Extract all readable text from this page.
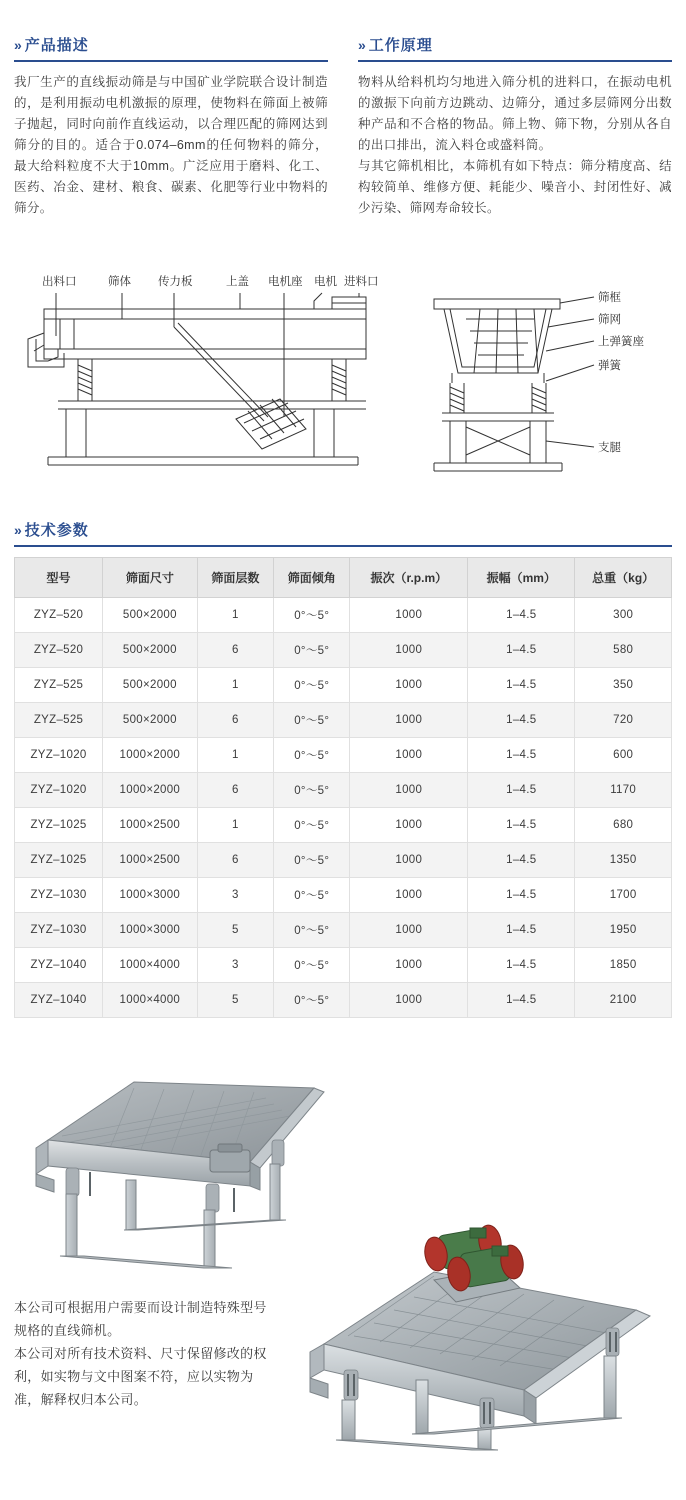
» 产品描述

我厂生产的直线振动筛是与中国矿业学院联合设计制造的，是利用振动电机激振的原理，使物料在筛面上被筛子抛起，同时向前作直线运动，以合理匹配的筛网达到筛分的目的。适合于0.074–6mm的任何物料的筛分，最大给料粒度不大于10mm。广泛应用于磨料、化工、医药、冶金、建材、粮食、碳素、化肥等行业中物料的筛分。

» 工作原理

物料从给料机均匀地进入筛分机的进料口，在振动电机的激振下向前方边跳动、边筛分，通过多层筛网分出数种产品和不合格的物品。筛上物、筛下物，分别从各自的出口排出，流入料仓或盛料筒。

与其它筛机相比，本筛机有如下特点：筛分精度高、结构较简单、维修方便、耗能少、噪音小、封闭性好、减少污染、筛网寿命较长。

出料口	筛体 传力板	上盖 电机座 电机 进料口
筛框
筛网
上弹簧座
弹簧
支腿
» 技术参数
型号	筛面尺寸	筛面层数	筛面倾角	振次（r.p.m）	振幅（mm）	总重（kg）
ZYZ–520	500×2000	1	0°～5°	1000	1–4.5	300
ZYZ–520	500×2000	6	0°～5°	1000	1–4.5	580
ZYZ–525	500×2000	1	0°～5°	1000	1–4.5	350
ZYZ–525	500×2000	6	0°～5°	1000	1–4.5	720
ZYZ–1020	1000×2000	1	0°～5°	1000	1–4.5	600
ZYZ–1020	1000×2000	6	0°～5°	1000	1–4.5	1170
ZYZ–1025	1000×2500	1	0°～5°	1000	1–4.5	680
ZYZ–1025	1000×2500	6	0°～5°	1000	1–4.5	1350
ZYZ–1030	1000×3000	3	0°～5°	1000	1–4.5	1700
ZYZ–1030	1000×3000	5	0°～5°	1000	1–4.5	1950
ZYZ–1040	1000×4000	3	0°～5°	1000	1–4.5	1850
ZYZ–1040	1000×4000	5	0°～5°	1000	1–4.5	2100

本公司可根据用户需要而设计制造特殊型号规格的直线筛机。

本公司对所有技术资料、尺寸保留修改的权利，如实物与文中图案不符，应以实物为准，解释权归本公司。
